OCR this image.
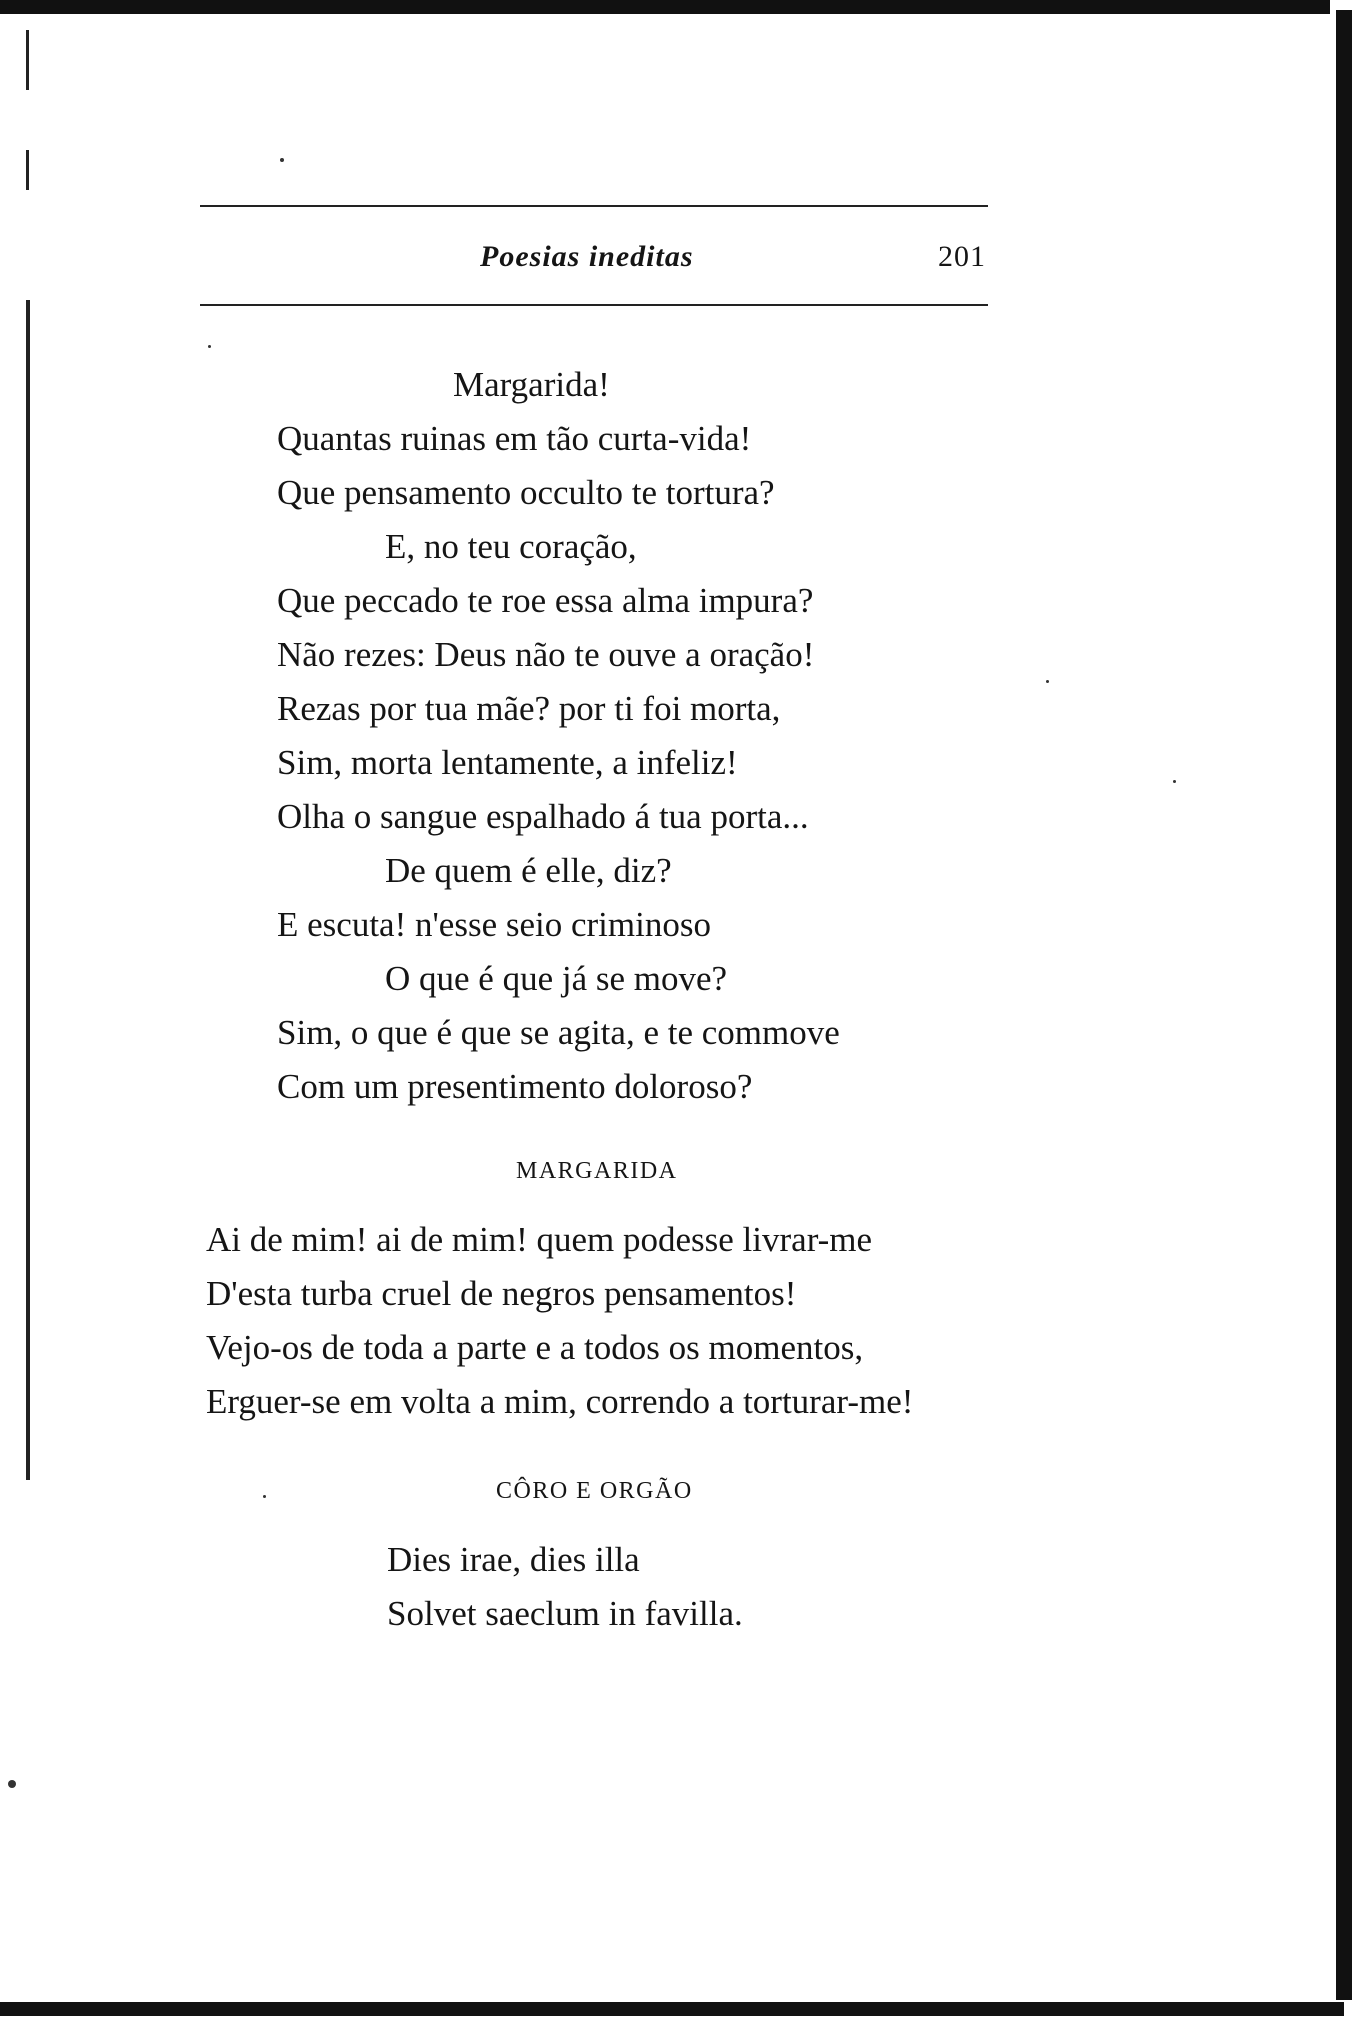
Poesias ineditas	201
Margarida!
Quantas ruinas em tão curta-vida!
Que pensamento occulto te tortura?
E, no teu coração,
Que peccado te roe essa alma impura?
Não rezes: Deus não te ouve a oração!
Rezas por tua mãe? por ti foi morta,
Sim, morta lentamente, a infeliz!
Olha o sangue espalhado á tua porta...
De quem é elle, diz?
E escuta! n'esse seio criminoso
O que é que já se move?
Sim, o que é que se agita, e te commove
Com um presentimento doloroso?
MARGARIDA
Ai de mim! ai de mim! quem podesse livrar-me
D'esta turba cruel de negros pensamentos!
Vejo-os de toda a parte e a todos os momentos,
Erguer-se em volta a mim, correndo a torturar-me!
CÔRO E ORGÃO
Dies irae, dies illa
Solvet saeclum in favilla.
